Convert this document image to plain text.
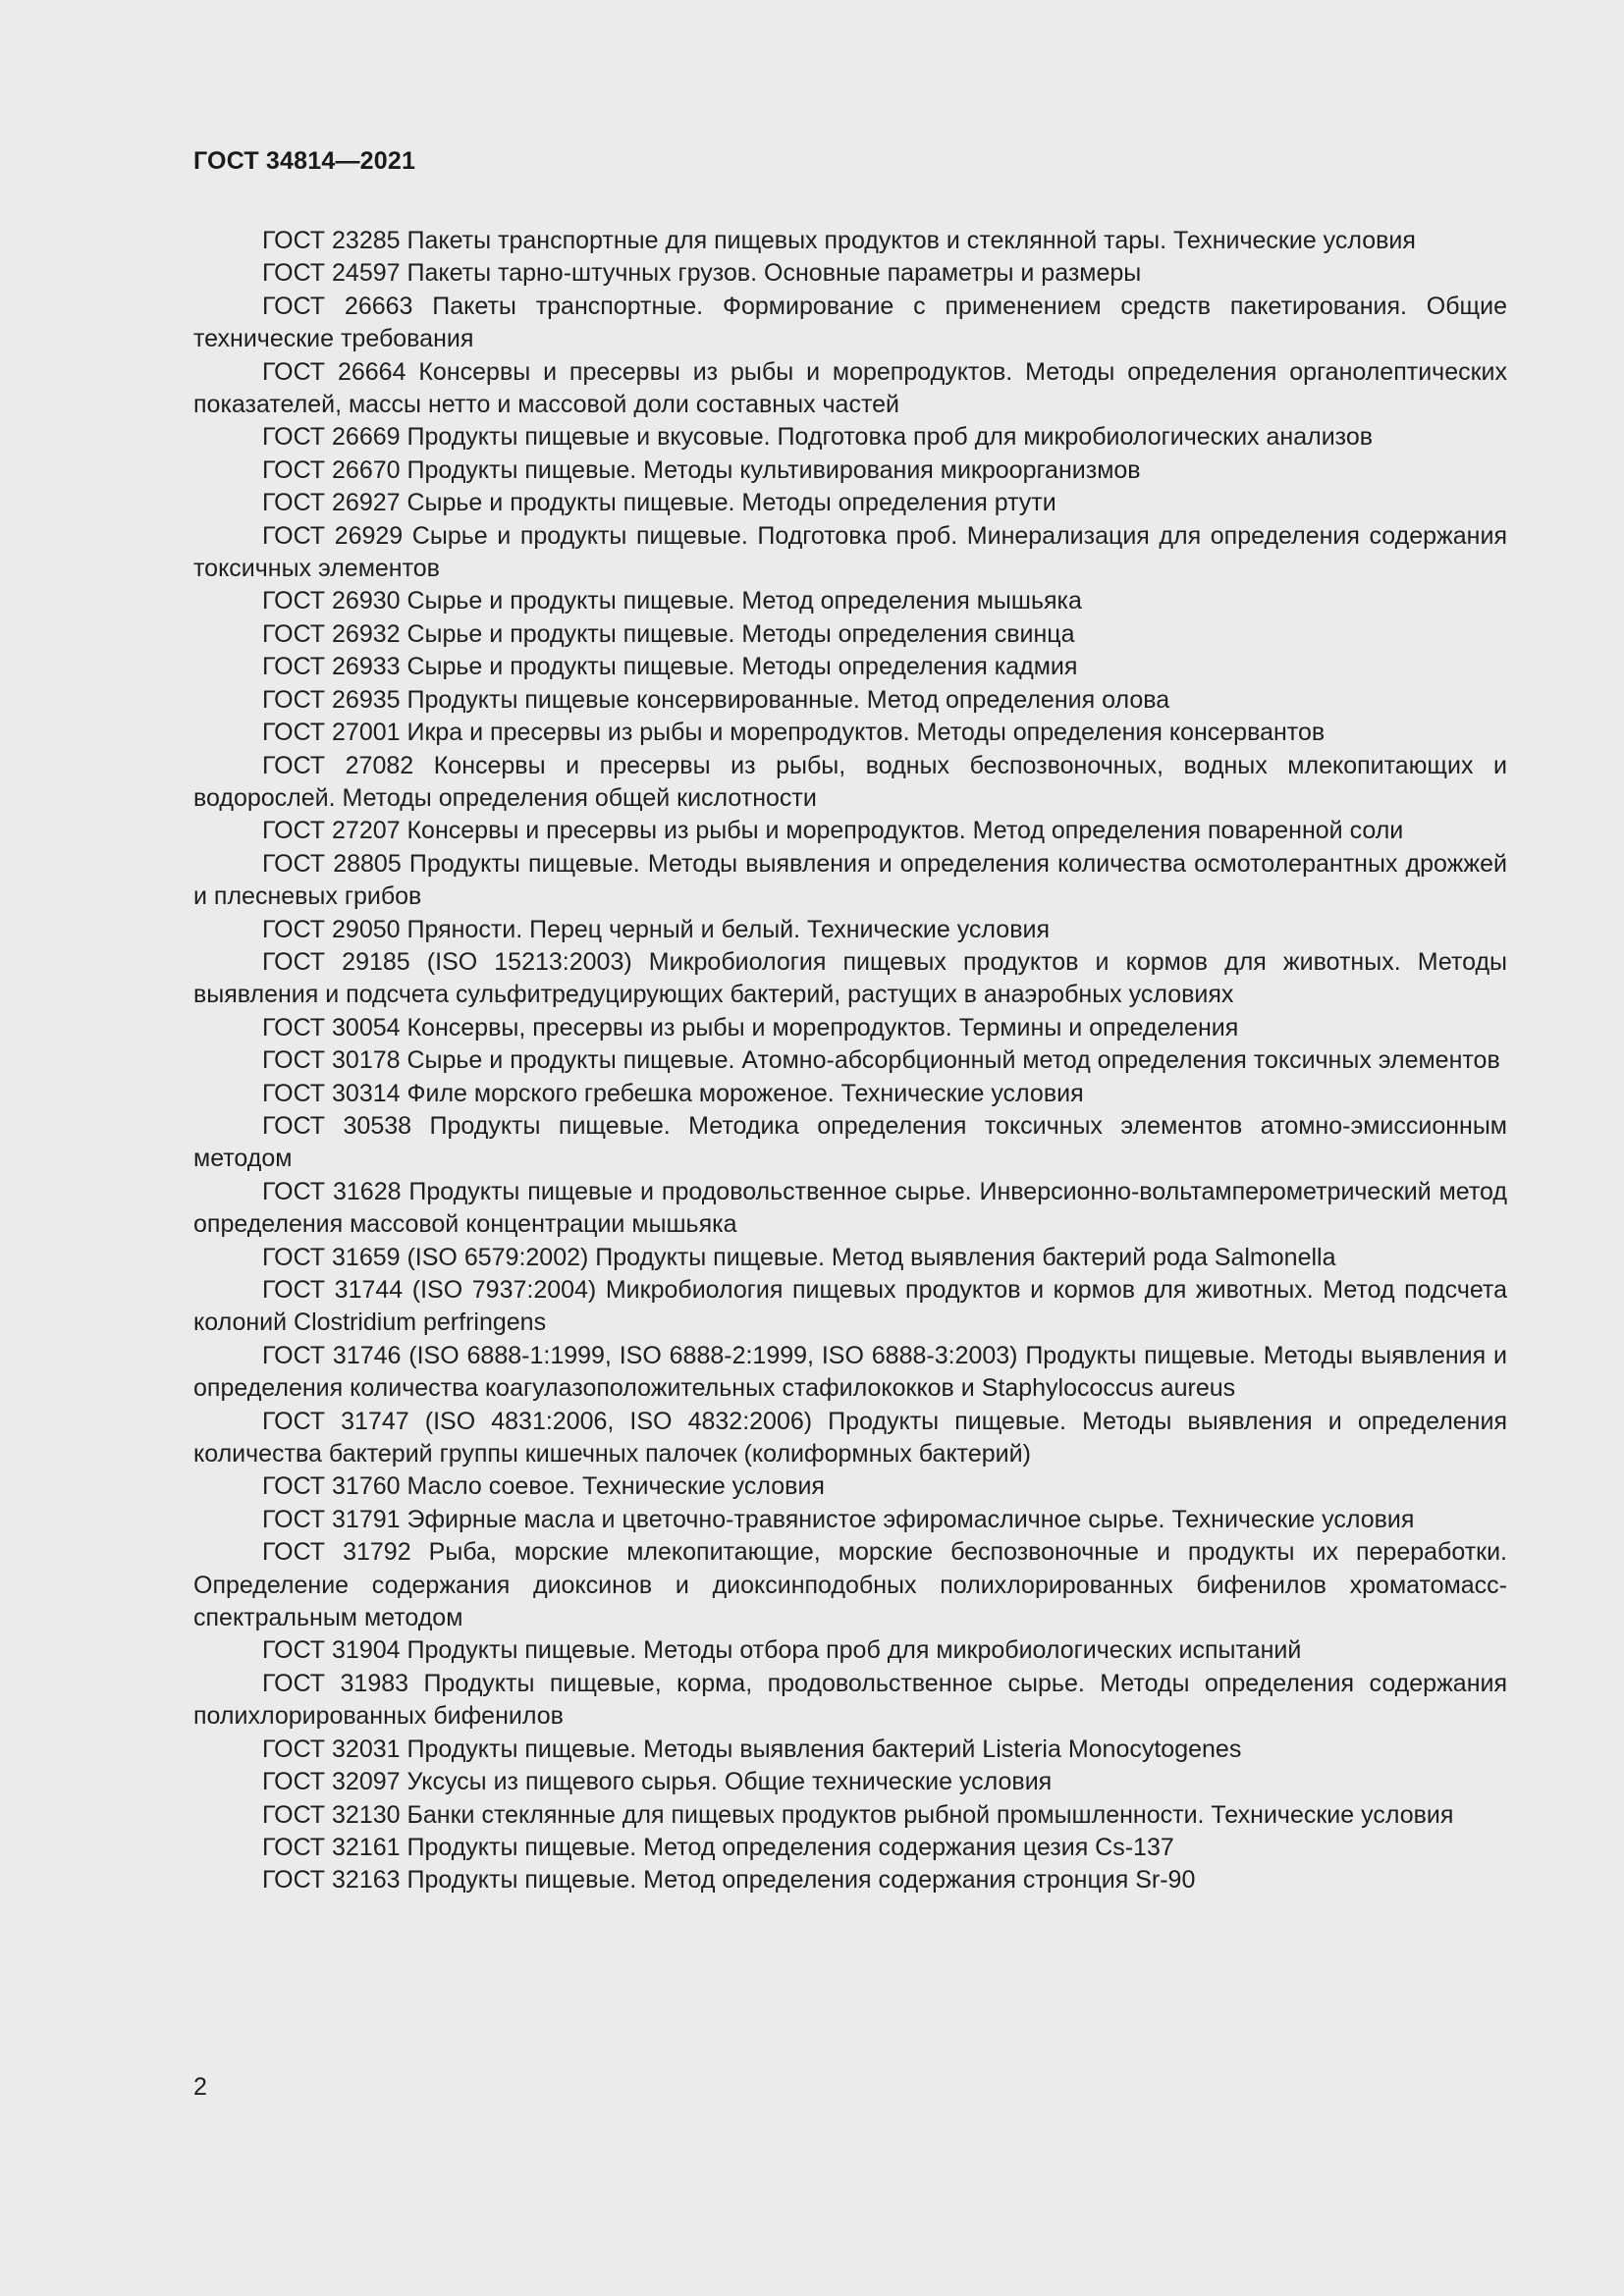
ГОСТ 34814—2021

ГОСТ 23285 Пакеты транспортные для пищевых продуктов и стеклянной тары. Технические условия

ГОСТ 24597 Пакеты тарно-штучных грузов. Основные параметры и размеры

ГОСТ 26663 Пакеты транспортные. Формирование с применением средств пакетирования. Общие технические требования

ГОСТ 26664 Консервы и пресервы из рыбы и морепродуктов. Методы определения органолептических показателей, массы нетто и массовой доли составных частей

ГОСТ 26669 Продукты пищевые и вкусовые. Подготовка проб для микробиологических анализов

ГОСТ 26670 Продукты пищевые. Методы культивирования микроорганизмов

ГОСТ 26927 Сырье и продукты пищевые. Методы определения ртути

ГОСТ 26929 Сырье и продукты пищевые. Подготовка проб. Минерализация для определения содержания токсичных элементов

ГОСТ 26930 Сырье и продукты пищевые. Метод определения мышьяка

ГОСТ 26932 Сырье и продукты пищевые. Методы определения свинца

ГОСТ 26933 Сырье и продукты пищевые. Методы определения кадмия

ГОСТ 26935 Продукты пищевые консервированные. Метод определения олова

ГОСТ 27001 Икра и пресервы из рыбы и морепродуктов. Методы определения консервантов

ГОСТ 27082 Консервы и пресервы из рыбы, водных беспозвоночных, водных млекопитающих и водорослей. Методы определения общей кислотности

ГОСТ 27207 Консервы и пресервы из рыбы и морепродуктов. Метод определения поваренной соли

ГОСТ 28805 Продукты пищевые. Методы выявления и определения количества осмотолерантных дрожжей и плесневых грибов

ГОСТ 29050 Пряности. Перец черный и белый. Технические условия

ГОСТ 29185 (ISO 15213:2003) Микробиология пищевых продуктов и кормов для животных. Методы выявления и подсчета сульфитредуцирующих бактерий, растущих в анаэробных условиях

ГОСТ 30054 Консервы, пресервы из рыбы и морепродуктов. Термины и определения

ГОСТ 30178 Сырье и продукты пищевые. Атомно-абсорбционный метод определения токсичных элементов

ГОСТ 30314 Филе морского гребешка мороженое. Технические условия

ГОСТ 30538 Продукты пищевые. Методика определения токсичных элементов атомно-эмиссионным методом

ГОСТ 31628 Продукты пищевые и продовольственное сырье. Инверсионно-вольтамперометрический метод определения массовой концентрации мышьяка

ГОСТ 31659 (ISO 6579:2002) Продукты пищевые. Метод выявления бактерий рода Salmonella

ГОСТ 31744 (ISO 7937:2004) Микробиология пищевых продуктов и кормов для животных. Метод подсчета колоний Clostridium perfringens

ГОСТ 31746 (ISO 6888-1:1999, ISO 6888-2:1999, ISO 6888-3:2003) Продукты пищевые. Методы выявления и определения количества коагулазоположительных стафилококков и Staphylococcus aureus

ГОСТ 31747 (ISO 4831:2006, ISO 4832:2006) Продукты пищевые. Методы выявления и определения количества бактерий группы кишечных палочек (колиформных бактерий)

ГОСТ 31760 Масло соевое. Технические условия

ГОСТ 31791 Эфирные масла и цветочно-травянистое эфиромасличное сырье. Технические условия

ГОСТ 31792 Рыба, морские млекопитающие, морские беспозвоночные и продукты их переработки. Определение содержания диоксинов и диоксинподобных полихлорированных бифенилов хроматомасс-спектральным методом

ГОСТ 31904 Продукты пищевые. Методы отбора проб для микробиологических испытаний

ГОСТ 31983 Продукты пищевые, корма, продовольственное сырье. Методы определения содержания полихлорированных бифенилов

ГОСТ 32031 Продукты пищевые. Методы выявления бактерий Listeria Monocytogenes

ГОСТ 32097 Уксусы из пищевого сырья. Общие технические условия

ГОСТ 32130 Банки стеклянные для пищевых продуктов рыбной промышленности. Технические условия

ГОСТ 32161 Продукты пищевые. Метод определения содержания цезия Cs-137

ГОСТ 32163 Продукты пищевые. Метод определения содержания стронция Sr-90

2
